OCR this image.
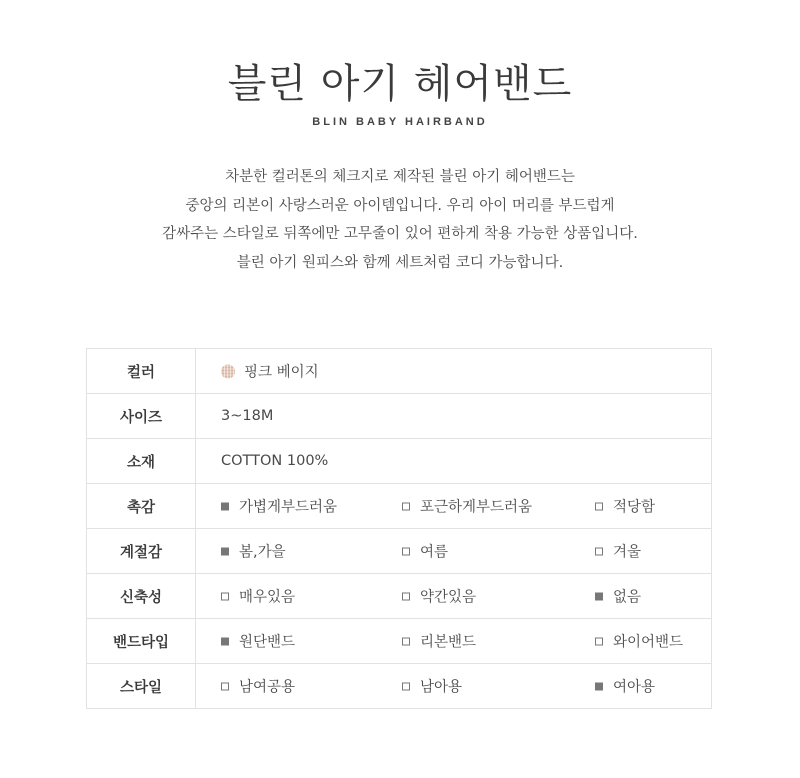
블린 아기 헤어밴드
BLIN BABY HAIRBAND
차분한 컬러톤의 체크지로 제작된 블린 아기 헤어밴드는
중앙의 리본이 사랑스러운 아이템입니다. 우리 아이 머리를 부드럽게
감싸주는 스타일로 뒤쪽에만 고무줄이 있어 편하게 착용 가능한 상품입니다.
블린 아기 원피스와 함께 세트처럼 코디 가능합니다.
컬러	핑크 베이지

사이즈	3~18M

소재	COTTON 100%

촉감	가볍게부드러움 포근하게부드러움 적당함

계절감	봄,가을 여름 겨울

신축성	매우있음 약간있음 없음

밴드타입	원단밴드 리본밴드 와이어밴드

스타일	남여공용 남아용 여아용
